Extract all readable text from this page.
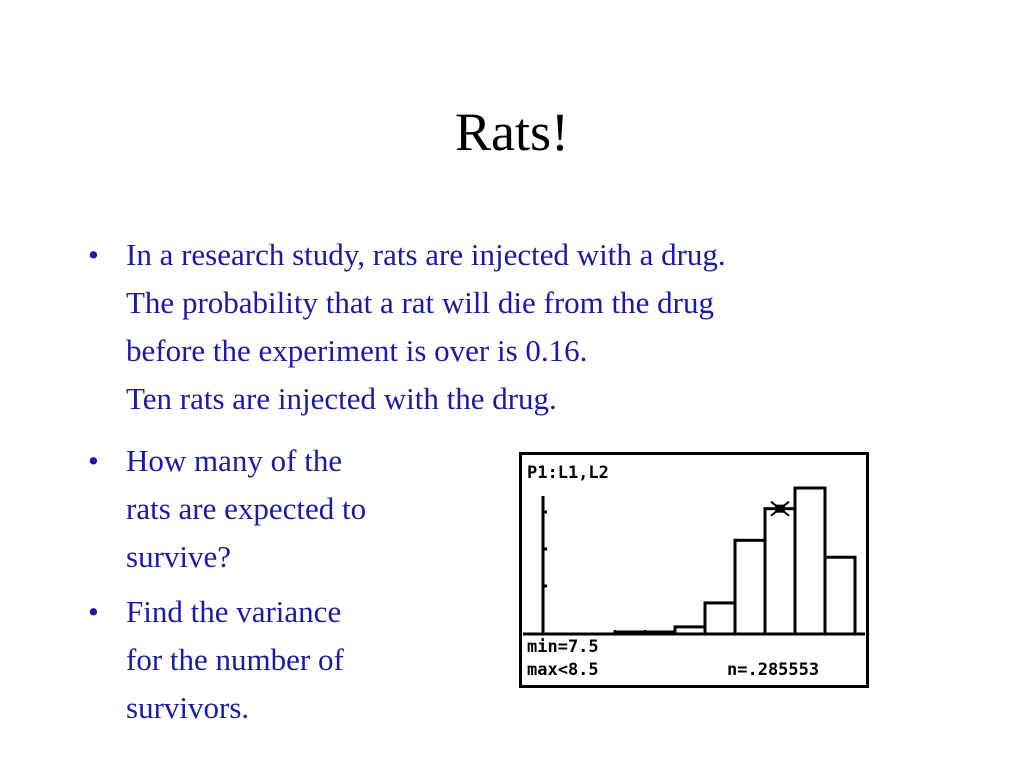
Rats!
• In a research study, rats are injected with a drug.
The probability that a rat will die from the drug
before the experiment is over is 0.16.
Ten rats are injected with the drug.
• How many of the
rats are expected to
survive?
• Find the variance
for the number of
survivors.
P1:L1,L2
min=7.5
max<8.5	n=.285553
